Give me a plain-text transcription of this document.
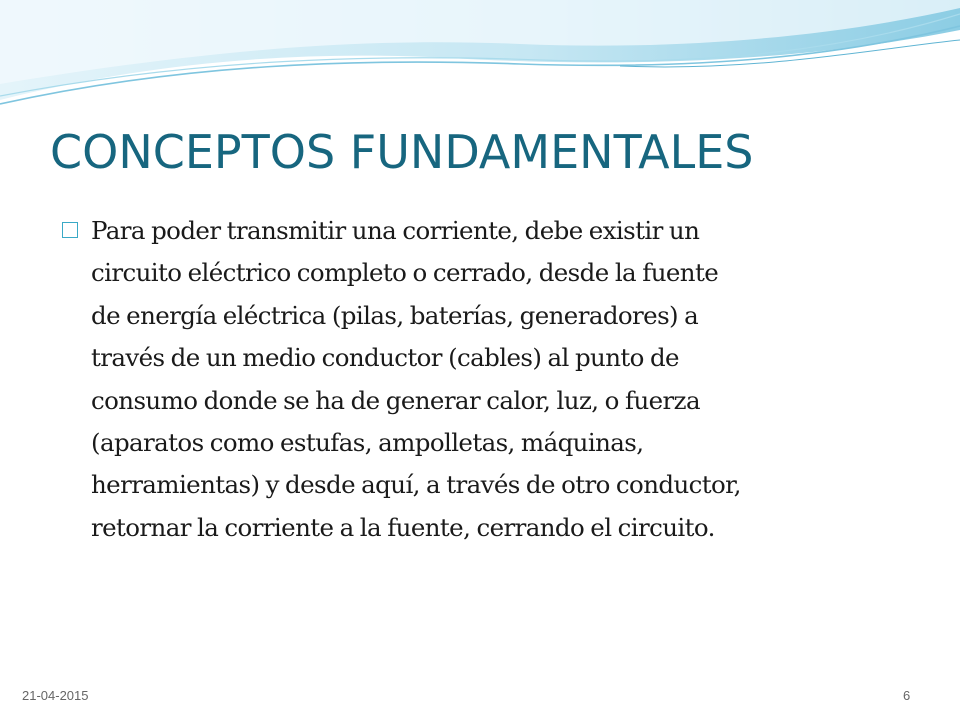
CONCEPTOS FUNDAMENTALES

Para poder transmitir una corriente, debe existir un
circuito eléctrico completo o cerrado, desde la fuente
de energía eléctrica (pilas, baterías, generadores) a
través de un medio conductor (cables) al punto de
consumo donde se ha de generar calor, luz, o fuerza
(aparatos como estufas, ampolletas, máquinas,
herramientas) y desde aquí, a través de otro conductor,
retornar la corriente a la fuente, cerrando el circuito.

21-04-2015	6
